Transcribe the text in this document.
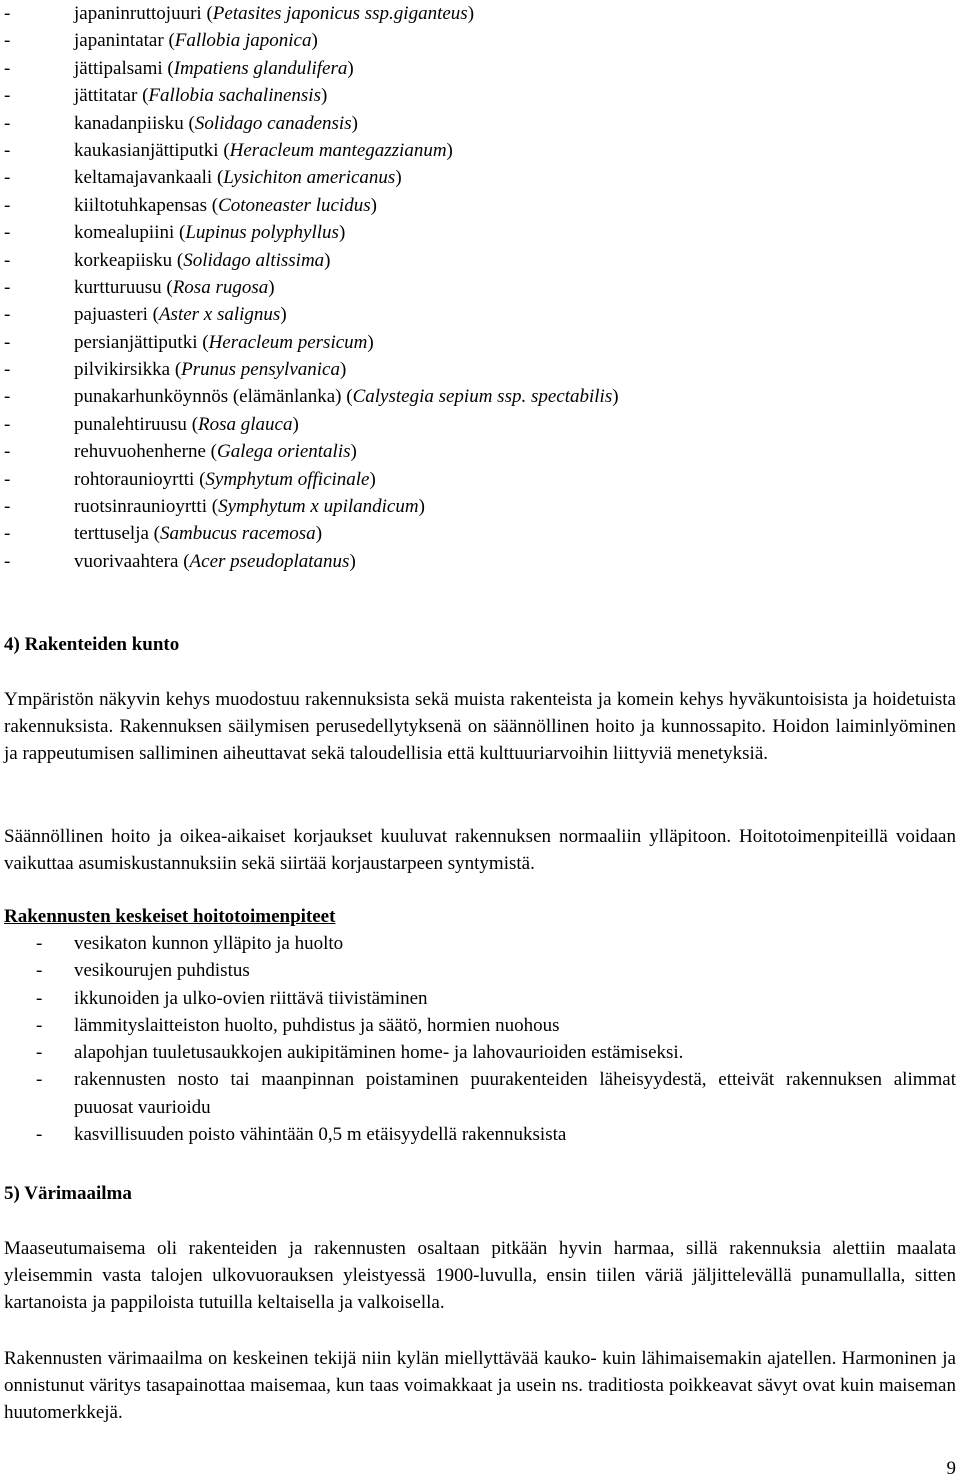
-	japaninruttojuuri (Petasites japonicus ssp.giganteus)
-	japanintatar (Fallobia japonica)
-	jättipalsami (Impatiens glandulifera)
-	jättitatar (Fallobia sachalinensis)
-	kanadanpiisku (Solidago canadensis)
-	kaukasianjättiputki (Heracleum mantegazzianum)
-	keltamajavankaali (Lysichiton americanus)
-	kiiltotuhkapensas (Cotoneaster lucidus)
-	komealupiini (Lupinus polyphyllus)
-	korkeapiisku (Solidago altissima)
-	kurtturuusu (Rosa rugosa)
-	pajuasteri (Aster x salignus)
-	persianjättiputki (Heracleum persicum)
-	pilvikirsikka (Prunus pensylvanica)
-	punakarhunköynnös (elämänlanka) (Calystegia sepium ssp. spectabilis)
-	punalehtiruusu (Rosa glauca)
-	rehuvuohenherne (Galega orientalis)
-	rohtoraunioyrtti (Symphytum officinale)
-	ruotsinraunioyrtti (Symphytum x upilandicum)
-	terttuselja (Sambucus racemosa)
-	vuorivaahtera (Acer pseudoplatanus)
4) Rakenteiden kunto

Ympäristön näkyvin kehys muodostuu rakennuksista sekä muista rakenteista ja komein kehys hyväkuntoisista ja hoidetuista rakennuksista. Rakennuksen säilymisen perusedellytyksenä on säännöllinen hoito ja kunnossapito. Hoidon laiminlyöminen ja rappeutumisen salliminen aiheuttavat sekä taloudellisia että kulttuuriarvoihin liittyviä menetyksiä.

Säännöllinen hoito ja oikea-aikaiset korjaukset kuuluvat rakennuksen normaaliin ylläpitoon. Hoitotoimenpiteillä voidaan vaikuttaa asumiskustannuksiin sekä siirtää korjaustarpeen syntymistä.

Rakennusten keskeiset hoitotoimenpiteet
- vesikaton kunnon ylläpito ja huolto
- vesikourujen puhdistus
- ikkunoiden ja ulko-ovien riittävä tiivistäminen
- lämmityslaitteiston huolto, puhdistus ja säätö, hormien nuohous
- alapohjan tuuletusaukkojen aukipitäminen home- ja lahovaurioiden estämiseksi.
- rakennusten nosto tai maanpinnan poistaminen puurakenteiden läheisyydestä, etteivät rakennuksen alimmat puuosat vaurioidu
- kasvillisuuden poisto vähintään 0,5 m etäisyydellä rakennuksista
5) Värimaailma

Maaseutumaisema oli rakenteiden ja rakennusten osaltaan pitkään hyvin harmaa, sillä rakennuksia alettiin maalata yleisemmin vasta talojen ulkovuorauksen yleistyessä 1900-luvulla, ensin tiilen väriä jäljittelevällä punamullalla, sitten kartanoista ja pappiloista tutuilla keltaisella ja valkoisella.

Rakennusten värimaailma on keskeinen tekijä niin kylän miellyttävää kauko- kuin lähimaisemakin ajatellen. Harmoninen ja onnistunut väritys tasapainottaa maisemaa, kun taas voimakkaat ja usein ns. traditiosta poikkeavat sävyt ovat kuin maiseman huutomerkkejä.

9
